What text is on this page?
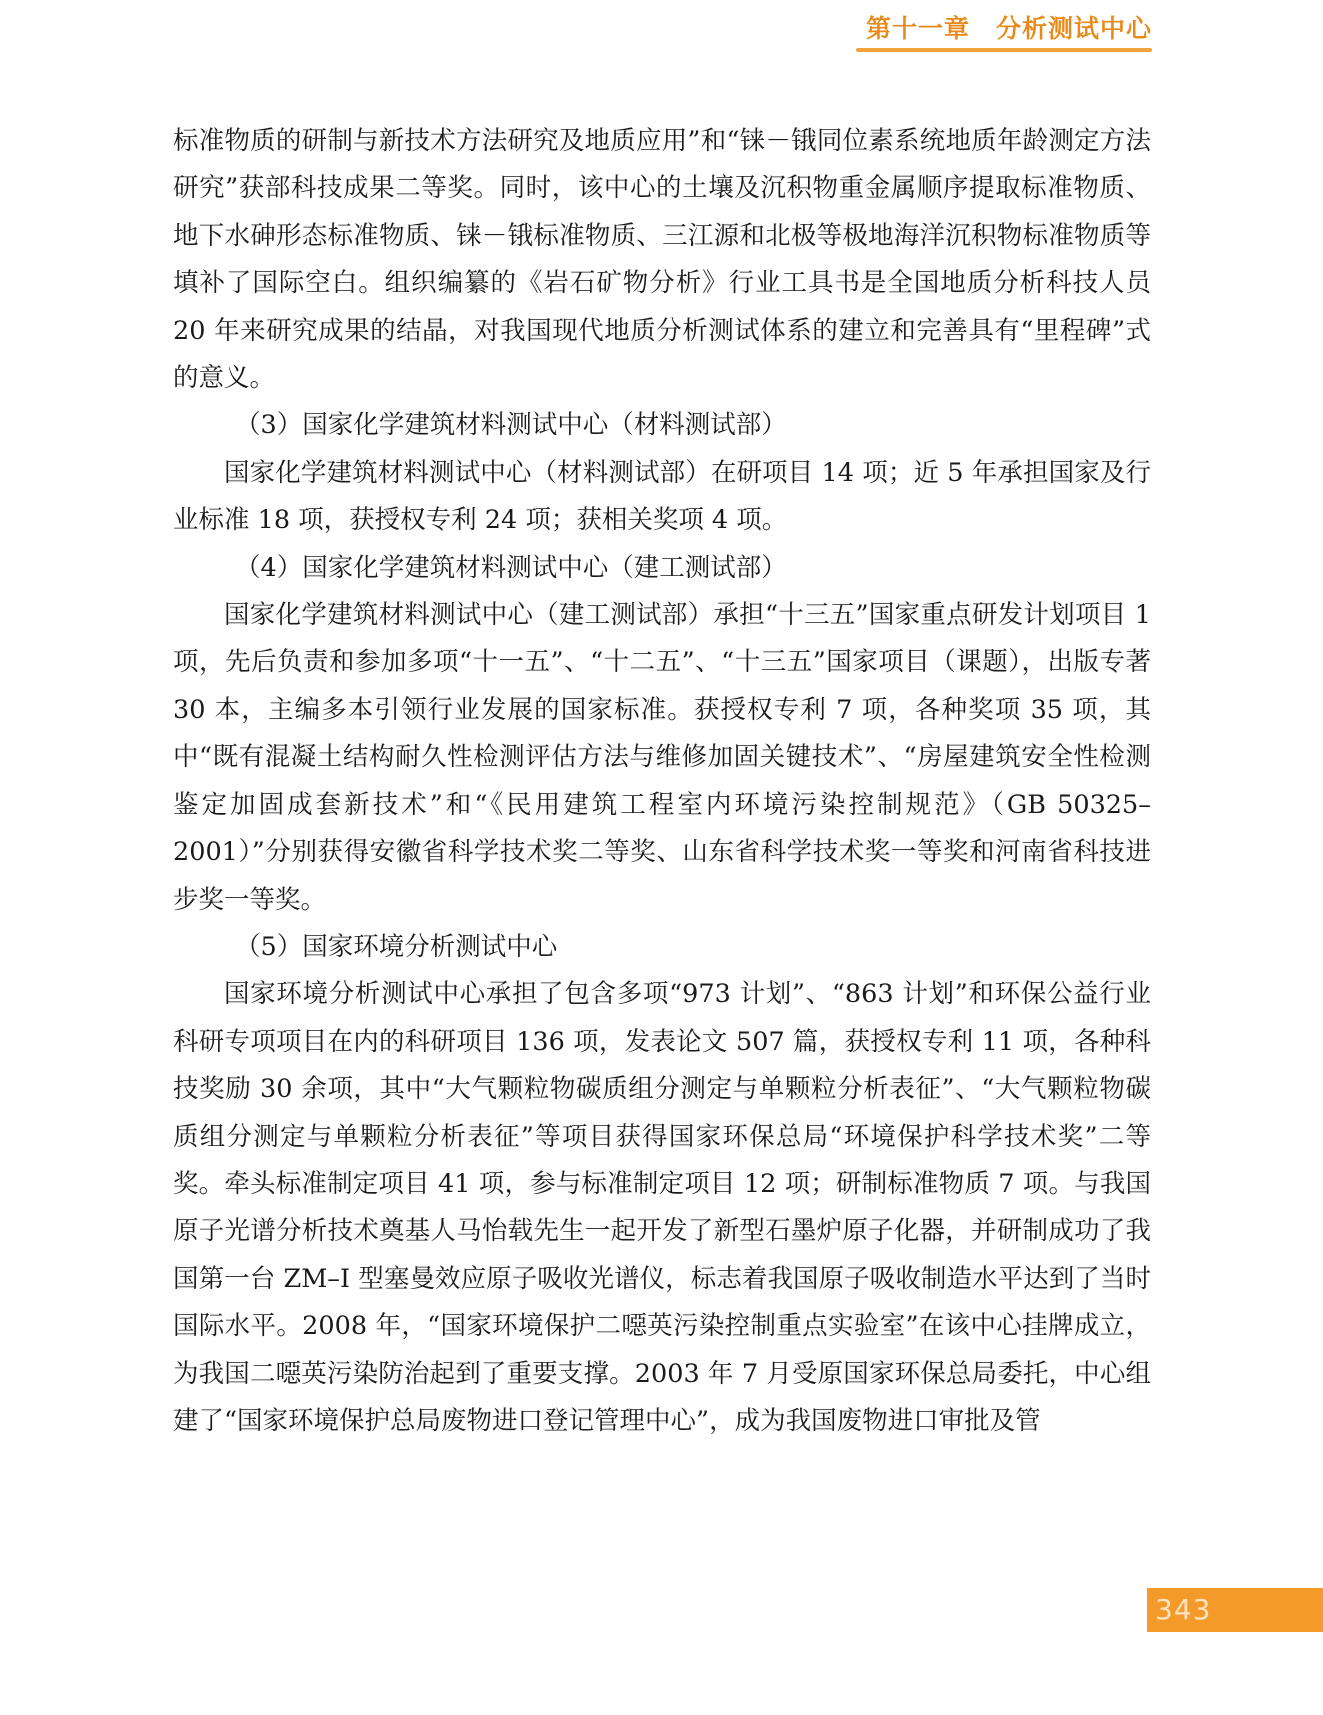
第十一章 分析测试中心

标准物质的研制与新技术方法研究及地质应用”和“铼－锇同位素系统地质年龄测定方法研究”获部科技成果二等奖。同时，该中心的土壤及沉积物重金属顺序提取标准物质、地下水砷形态标准物质、铼－锇标准物质、三江源和北极等极地海洋沉积物标准物质等填补了国际空白。组织编纂的《岩石矿物分析》行业工具书是全国地质分析科技人员 20 年来研究成果的结晶，对我国现代地质分析测试体系的建立和完善具有“里程碑”式的意义。

（3）国家化学建筑材料测试中心（材料测试部）

国家化学建筑材料测试中心（材料测试部）在研项目 14 项；近 5 年承担国家及行业标准 18 项，获授权专利 24 项；获相关奖项 4 项。

（4）国家化学建筑材料测试中心（建工测试部）

国家化学建筑材料测试中心（建工测试部）承担“十三五”国家重点研发计划项目 1 项，先后负责和参加多项“十一五”、“十二五”、“十三五”国家项目（课题），出版专著 30 本，主编多本引领行业发展的国家标准。获授权专利 7 项，各种奖项 35 项，其中“既有混凝土结构耐久性检测评估方法与维修加固关键技术”、“房屋建筑安全性检测鉴定加固成套新技术”和“《民用建筑工程室内环境污染控制规范》（GB 50325–2001）”分别获得安徽省科学技术奖二等奖、山东省科学技术奖一等奖和河南省科技进步奖一等奖。

（5）国家环境分析测试中心

国家环境分析测试中心承担了包含多项“973 计划”、“863 计划”和环保公益行业科研专项项目在内的科研项目 136 项，发表论文 507 篇，获授权专利 11 项，各种科技奖励 30 余项，其中“大气颗粒物碳质组分测定与单颗粒分析表征”、“大气颗粒物碳质组分测定与单颗粒分析表征”等项目获得国家环保总局“环境保护科学技术奖”二等奖。牵头标准制定项目 41 项，参与标准制定项目 12 项；研制标准物质 7 项。与我国原子光谱分析技术奠基人马怡载先生一起开发了新型石墨炉原子化器，并研制成功了我国第一台 ZM–I 型塞曼效应原子吸收光谱仪，标志着我国原子吸收制造水平达到了当时国际水平。2008 年，“国家环境保护二噁英污染控制重点实验室”在该中心挂牌成立，为我国二噁英污染防治起到了重要支撑。2003 年 7 月受原国家环保总局委托，中心组建了“国家环境保护总局废物进口登记管理中心”，成为我国废物进口审批及管

343
